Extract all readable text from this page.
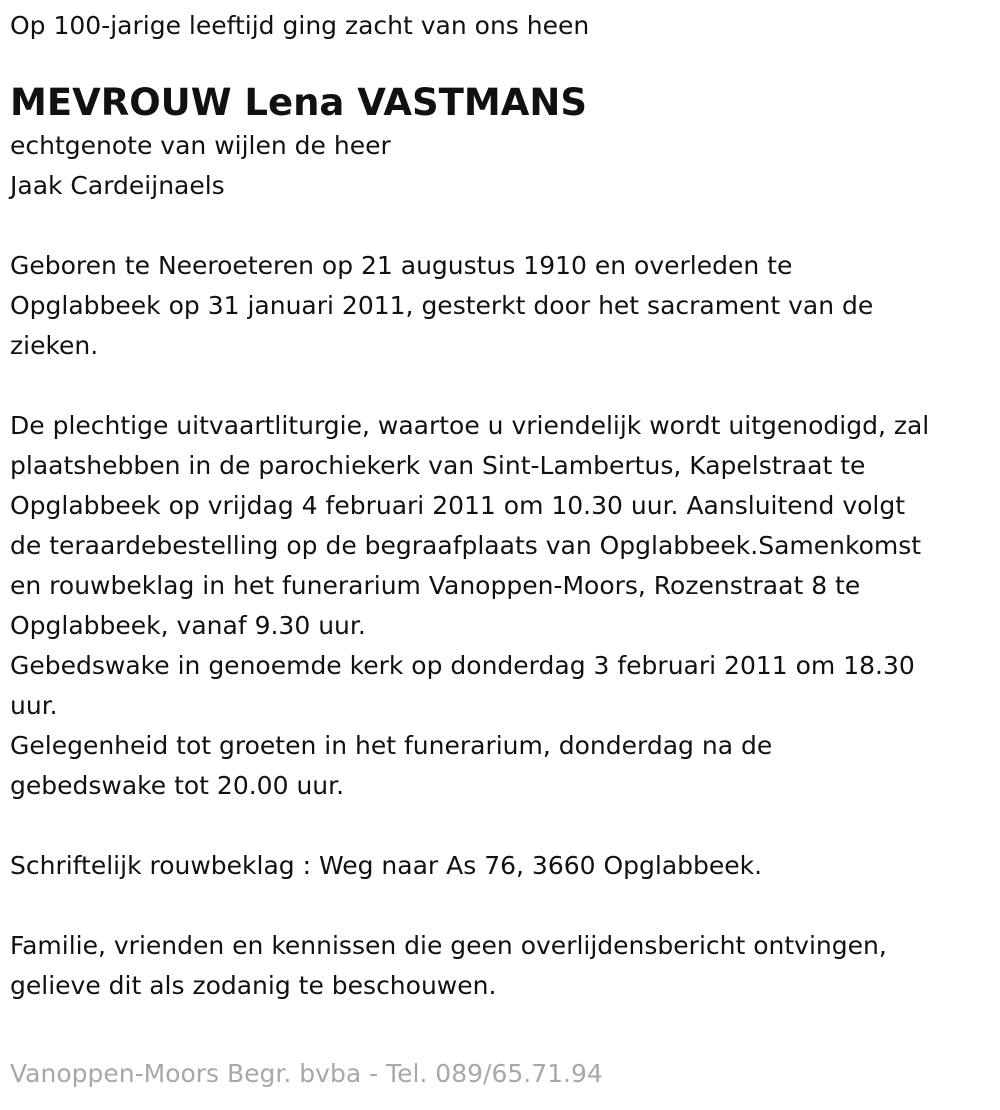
Op 100-jarige leeftijd ging zacht van ons heen

MEVROUW Lena VASTMANS

echtgenote van wijlen de heer

Jaak Cardeijnaels

Geboren te Neeroeteren op 21 augustus 1910 en overleden te

Opglabbeek op 31 januari 2011, gesterkt door het sacrament van de

zieken.

De plechtige uitvaartliturgie, waartoe u vriendelijk wordt uitgenodigd, zal

plaatshebben in de parochiekerk van Sint-Lambertus, Kapelstraat te

Opglabbeek op vrijdag 4 februari 2011 om 10.30 uur. Aansluitend volgt

de teraardebestelling op de begraafplaats van Opglabbeek.Samenkomst

en rouwbeklag in het funerarium Vanoppen-Moors, Rozenstraat 8 te

Opglabbeek, vanaf 9.30 uur.

Gebedswake in genoemde kerk op donderdag 3 februari 2011 om 18.30

uur.

Gelegenheid tot groeten in het funerarium, donderdag na de

gebedswake tot 20.00 uur.

Schriftelijk rouwbeklag : Weg naar As 76, 3660 Opglabbeek.

Familie, vrienden en kennissen die geen overlijdensbericht ontvingen,

gelieve dit als zodanig te beschouwen.

Vanoppen-Moors Begr. bvba - Tel. 089/65.71.94
